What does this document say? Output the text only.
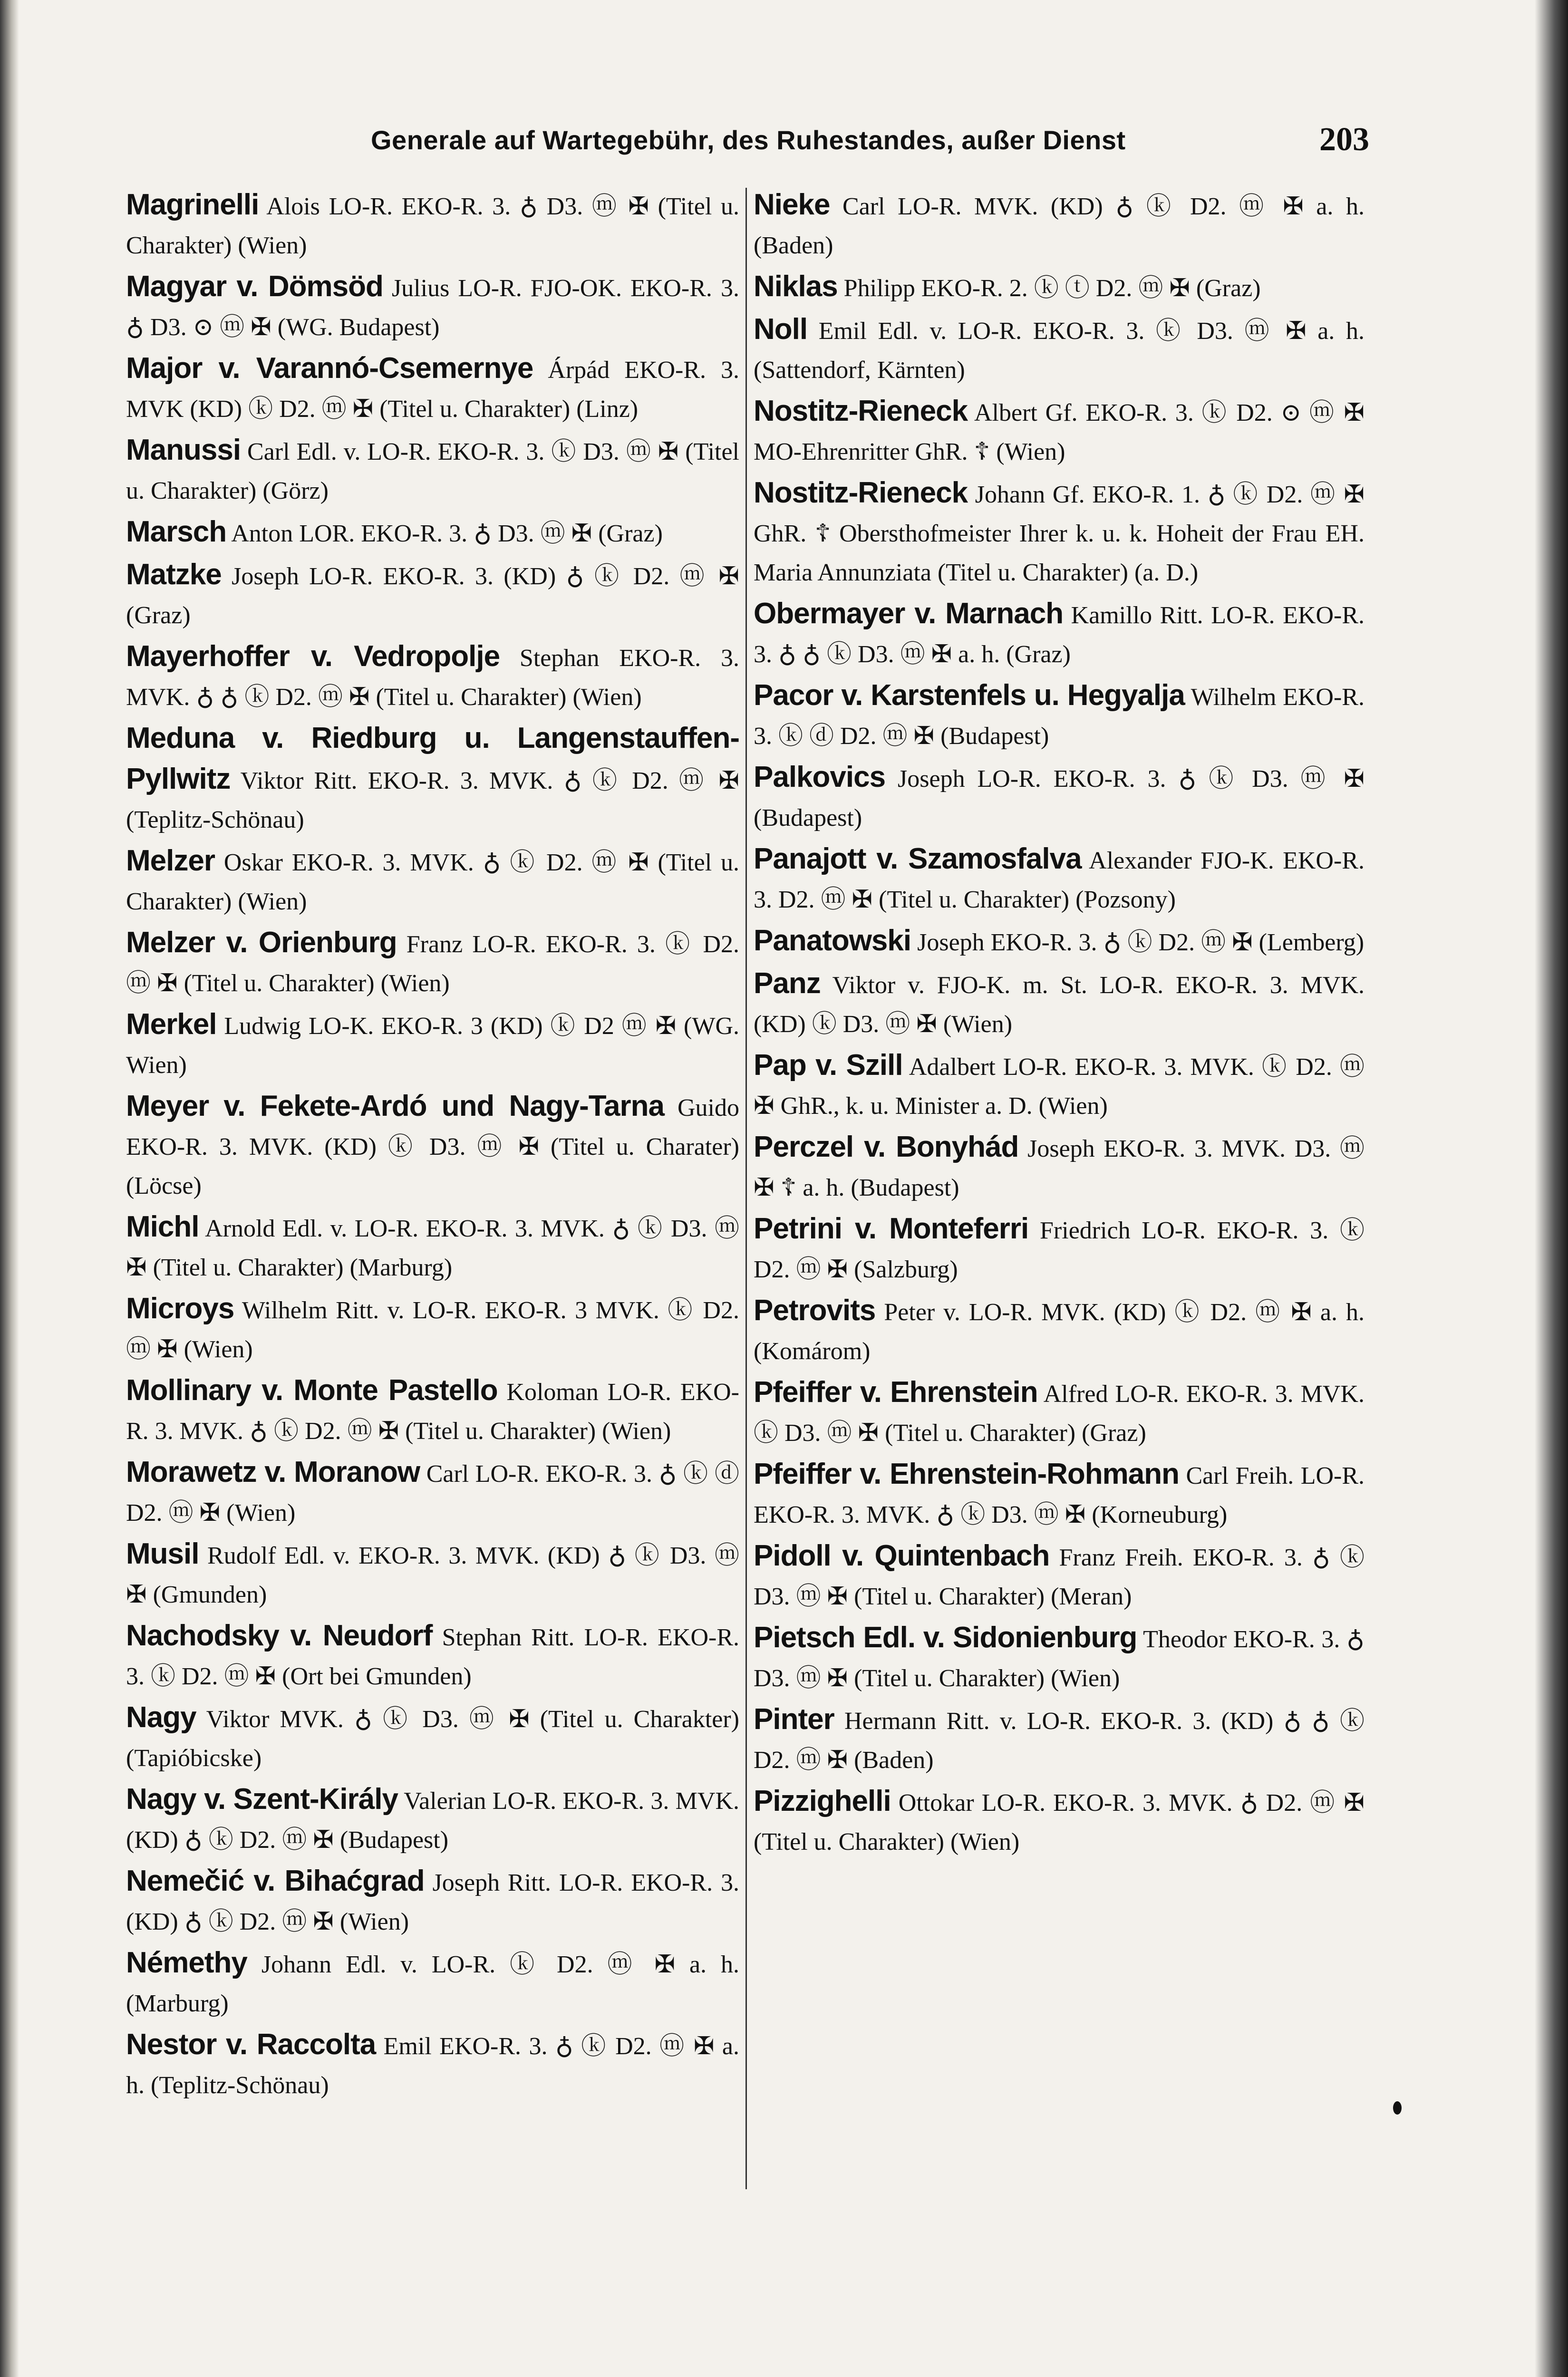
Generale auf Wartegebühr, des Ruhestandes, außer Dienst	203
Magrinelli Alois LO-R. EKO-R. 3. ♁ D3. ⓜ ✠ (Titel u. Charakter) (Wien)
Magyar v. Dömsöd Julius LO-R. FJO-OK. EKO-R. 3. ♁ D3. ⊙ ⓜ ✠ (WG. Budapest)
Major v. Varannó-Csemernye Árpád EKO-R. 3. MVK (KD) ⓚ D2. ⓜ ✠ (Titel u. Charakter) (Linz)
Manussi Carl Edl. v. LO-R. EKO-R. 3. ⓚ D3. ⓜ ✠ (Titel u. Charakter) (Görz)
Marsch Anton LOR. EKO-R. 3. ♁ D3. ⓜ ✠ (Graz)
Matzke Joseph LO-R. EKO-R. 3. (KD) ♁ ⓚ D2. ⓜ ✠ (Graz)
Mayerhoffer v. Vedropolje Stephan EKO-R. 3. MVK. ♁ ♁ ⓚ D2. ⓜ ✠ (Titel u. Charakter) (Wien)
Meduna v. Riedburg u. Langenstauffen-Pyllwitz Viktor Ritt. EKO-R. 3. MVK. ♁ ⓚ D2. ⓜ ✠ (Teplitz-Schönau)
Melzer Oskar EKO-R. 3. MVK. ♁ ⓚ D2. ⓜ ✠ (Titel u. Charakter) (Wien)
Melzer v. Orienburg Franz LO-R. EKO-R. 3. ⓚ D2. ⓜ ✠ (Titel u. Charakter) (Wien)
Merkel Ludwig LO-K. EKO-R. 3 (KD) ⓚ D2 ⓜ ✠ (WG. Wien)
Meyer v. Fekete-Ardó und Nagy-Tarna Guido EKO-R. 3. MVK. (KD) ⓚ D3. ⓜ ✠ (Titel u. Charater) (Löcse)
Michl Arnold Edl. v. LO-R. EKO-R. 3. MVK. ♁ ⓚ D3. ⓜ ✠ (Titel u. Charakter) (Marburg)
Microys Wilhelm Ritt. v. LO-R. EKO-R. 3 MVK. ⓚ D2. ⓜ ✠ (Wien)
Mollinary v. Monte Pastello Koloman LO-R. EKO-R. 3. MVK. ♁ ⓚ D2. ⓜ ✠ (Titel u. Charakter) (Wien)
Morawetz v. Moranow Carl LO-R. EKO-R. 3. ♁ ⓚ ⓓ D2. ⓜ ✠ (Wien)
Musil Rudolf Edl. v. EKO-R. 3. MVK. (KD) ♁ ⓚ D3. ⓜ ✠ (Gmunden)
Nachodsky v. Neudorf Stephan Ritt. LO-R. EKO-R. 3. ⓚ D2. ⓜ ✠ (Ort bei Gmunden)
Nagy Viktor MVK. ♁ ⓚ D3. ⓜ ✠ (Titel u. Charakter) (Tapióbicske)
Nagy v. Szent-Király Valerian LO-R. EKO-R. 3. MVK. (KD) ♁ ⓚ D2. ⓜ ✠ (Budapest)
Nemečić v. Bihaćgrad Joseph Ritt. LO-R. EKO-R. 3. (KD) ♁ ⓚ D2. ⓜ ✠ (Wien)
Némethy Johann Edl. v. LO-R. ⓚ D2. ⓜ ✠ a. h. (Marburg)
Nestor v. Raccolta Emil EKO-R. 3. ♁ ⓚ D2. ⓜ ✠ a. h. (Teplitz-Schönau)
Nieke Carl LO-R. MVK. (KD) ♁ ⓚ D2. ⓜ ✠ a. h. (Baden)
Niklas Philipp EKO-R. 2. ⓚ ⓣ D2. ⓜ ✠ (Graz)
Noll Emil Edl. v. LO-R. EKO-R. 3. ⓚ D3. ⓜ ✠ a. h. (Sattendorf, Kärnten)
Nostitz-Rieneck Albert Gf. EKO-R. 3. ⓚ D2. ⊙ ⓜ ✠ MO-Ehrenritter GhR. ☦ (Wien)
Nostitz-Rieneck Johann Gf. EKO-R. 1. ♁ ⓚ D2. ⓜ ✠ GhR. ☦ Obersthofmeister Ihrer k. u. k. Hoheit der Frau EH. Maria Annunziata (Titel u. Charakter) (a. D.)
Obermayer v. Marnach Kamillo Ritt. LO-R. EKO-R. 3. ♁ ♁ ⓚ D3. ⓜ ✠ a. h. (Graz)
Pacor v. Karstenfels u. Hegyalja Wilhelm EKO-R. 3. ⓚ ⓓ D2. ⓜ ✠ (Budapest)
Palkovics Joseph LO-R. EKO-R. 3. ♁ ⓚ D3. ⓜ ✠ (Budapest)
Panajott v. Szamosfalva Alexander FJO-K. EKO-R. 3. D2. ⓜ ✠ (Titel u. Charakter) (Pozsony)
Panatowski Joseph EKO-R. 3. ♁ ⓚ D2. ⓜ ✠ (Lemberg)
Panz Viktor v. FJO-K. m. St. LO-R. EKO-R. 3. MVK. (KD) ⓚ D3. ⓜ ✠ (Wien)
Pap v. Szill Adalbert LO-R. EKO-R. 3. MVK. ⓚ D2. ⓜ ✠ GhR., k. u. Minister a. D. (Wien)
Perczel v. Bonyhád Joseph EKO-R. 3. MVK. D3. ⓜ ✠ ☦ a. h. (Budapest)
Petrini v. Monteferri Friedrich LO-R. EKO-R. 3. ⓚ D2. ⓜ ✠ (Salzburg)
Petrovits Peter v. LO-R. MVK. (KD) ⓚ D2. ⓜ ✠ a. h. (Komárom)
Pfeiffer v. Ehrenstein Alfred LO-R. EKO-R. 3. MVK. ⓚ D3. ⓜ ✠ (Titel u. Charakter) (Graz)
Pfeiffer v. Ehrenstein-Rohmann Carl Freih. LO-R. EKO-R. 3. MVK. ♁ ⓚ D3. ⓜ ✠ (Korneuburg)
Pidoll v. Quintenbach Franz Freih. EKO-R. 3. ♁ ⓚ D3. ⓜ ✠ (Titel u. Charakter) (Meran)
Pietsch Edl. v. Sidonienburg Theodor EKO-R. 3. ♁ D3. ⓜ ✠ (Titel u. Charakter) (Wien)
Pinter Hermann Ritt. v. LO-R. EKO-R. 3. (KD) ♁ ♁ ⓚ D2. ⓜ ✠ (Baden)
Pizzighelli Ottokar LO-R. EKO-R. 3. MVK. ♁ D2. ⓜ ✠ (Titel u. Charakter) (Wien)
